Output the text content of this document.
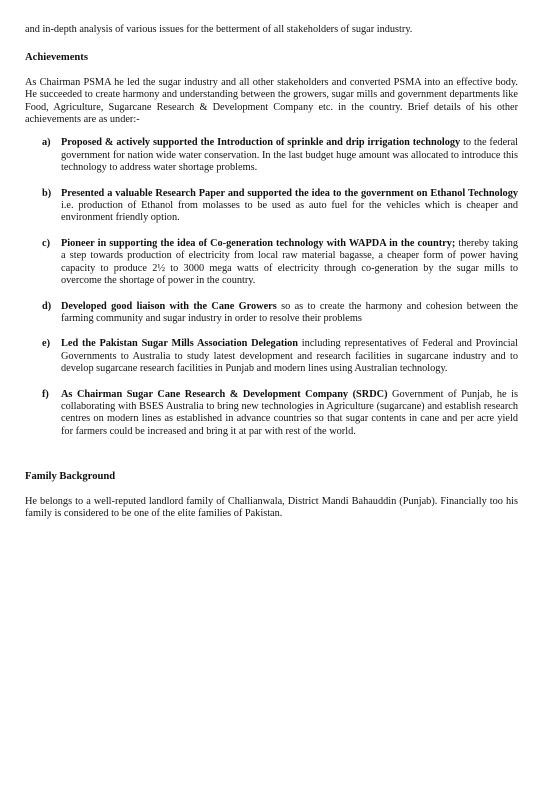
and in-depth analysis of various issues for the betterment of all stakeholders of sugar industry.

Achievements

As Chairman PSMA he led the sugar industry and all other stakeholders and converted PSMA into an effective body. He succeeded to create harmony and understanding between the growers, sugar mills and government departments like Food, Agriculture, Sugarcane Research & Development Company etc. in the country. Brief details of his other achievements are as under:-

a) Proposed & actively supported the Introduction of sprinkle and drip irrigation technology to the federal government for nation wide water conservation. In the last budget huge amount was allocated to introduce this technology to address water shortage problems.
b) Presented a valuable Research Paper and supported the idea to the government on Ethanol Technology i.e. production of Ethanol from molasses to be used as auto fuel for the vehicles which is cheaper and environment friendly option.
c) Pioneer in supporting the idea of Co-generation technology with WAPDA in the country; thereby taking a step towards production of electricity from local raw material bagasse, a cheaper form of power having capacity to produce 2½ to 3000 mega watts of electricity through co-generation by the sugar mills to overcome the shortage of power in the country.
d) Developed good liaison with the Cane Growers so as to create the harmony and cohesion between the farming community and sugar industry in order to resolve their problems
e) Led the Pakistan Sugar Mills Association Delegation including representatives of Federal and Provincial Governments to Australia to study latest development and research facilities in sugarcane industry and to develop sugarcane research facilities in Punjab and modern lines using Australian technology.
f) As Chairman Sugar Cane Research & Development Company (SRDC) Government of Punjab, he is collaborating with BSES Australia to bring new technologies in Agriculture (sugarcane) and establish research centres on modern lines as established in advance countries so that sugar contents in cane and per acre yield for farmers could be increased and bring it at par with rest of the world.
Family Background

He belongs to a well-reputed landlord family of Challianwala, District Mandi Bahauddin (Punjab). Financially too his family is considered to be one of the elite families of Pakistan.
